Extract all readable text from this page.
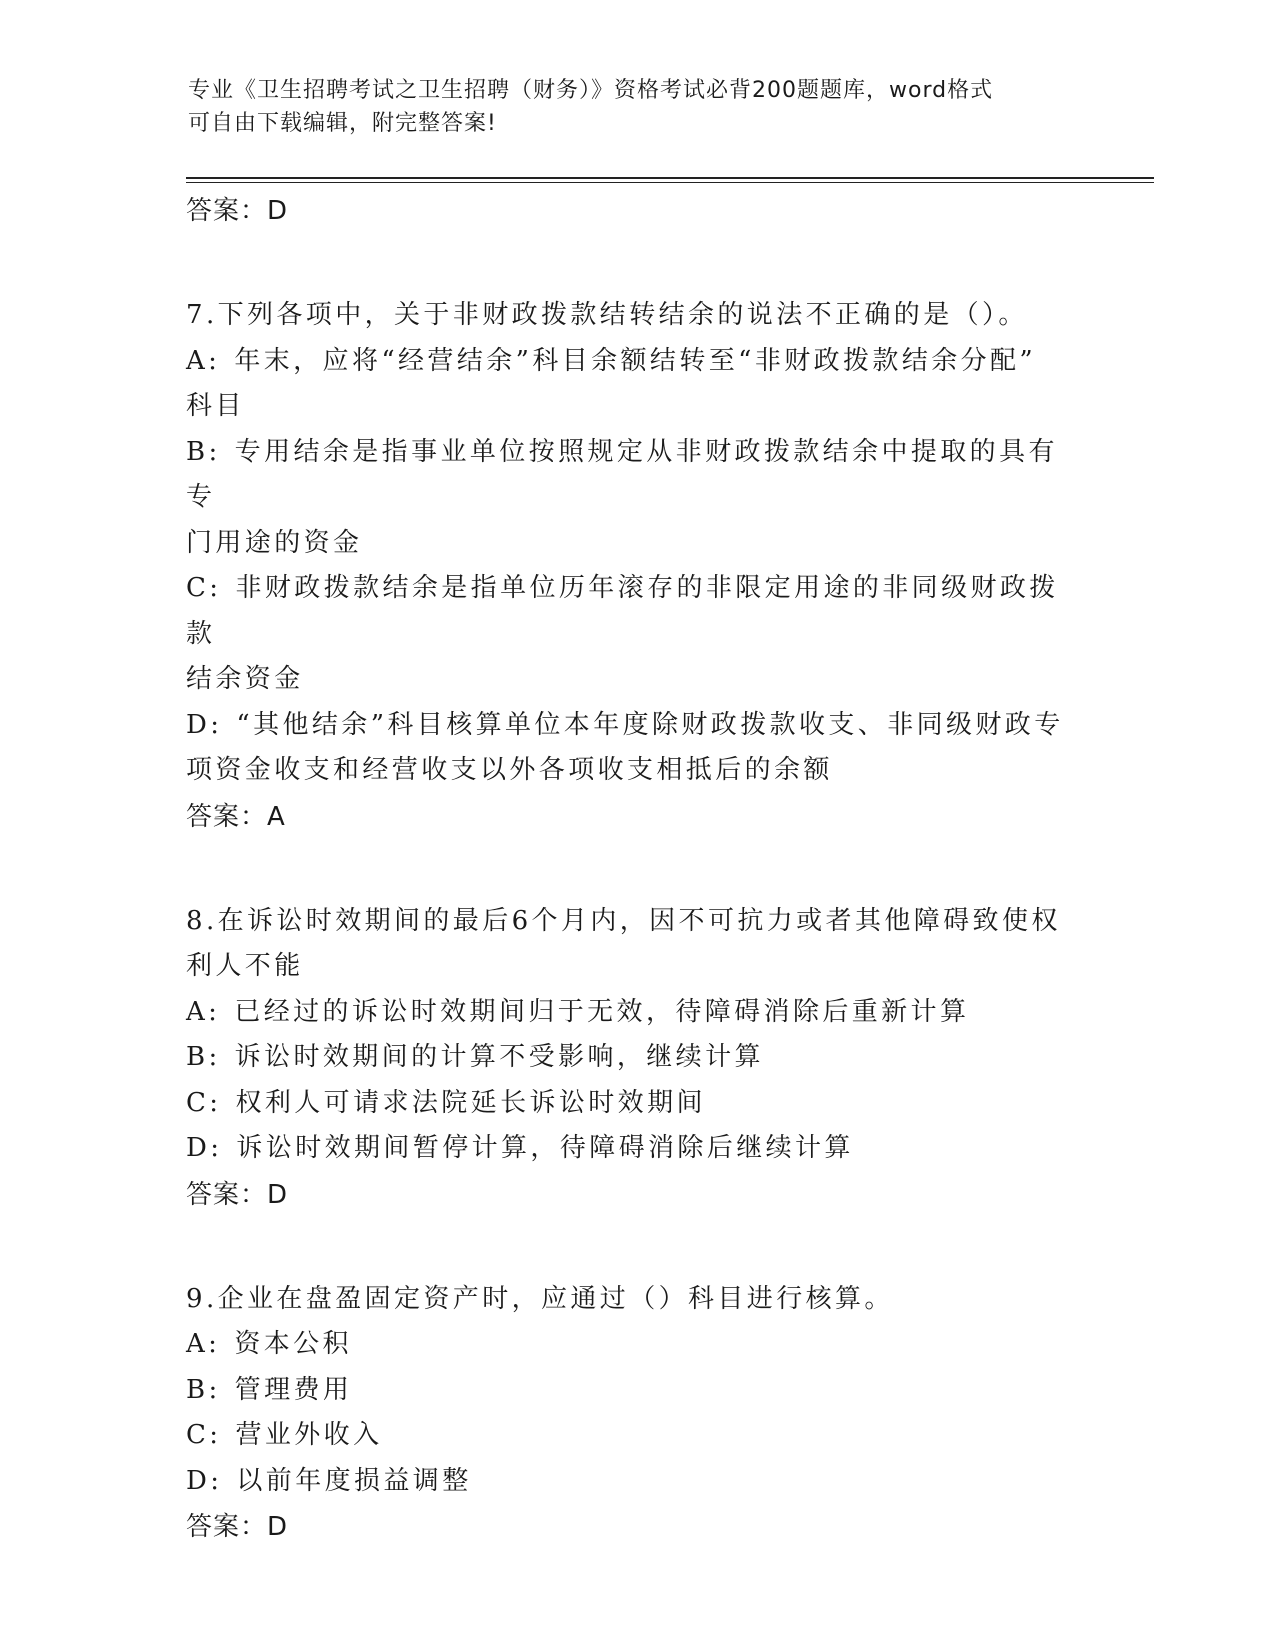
专业《卫生招聘考试之卫生招聘（财务）》资格考试必背200题题库，word格式
可自由下载编辑，附完整答案!
答案：D
7.下列各项中，关于非财政拨款结转结余的说法不正确的是（）。
A: 年末，应将“经营结余”科目余额结转至“非财政拨款结余分配”
科目
B: 专用结余是指事业单位按照规定从非财政拨款结余中提取的具有专
门用途的资金
C: 非财政拨款结余是指单位历年滚存的非限定用途的非同级财政拨款
结余资金
D: “其他结余”科目核算单位本年度除财政拨款收支、非同级财政专
项资金收支和经营收支以外各项收支相抵后的余额
答案：A
8.在诉讼时效期间的最后6个月内，因不可抗力或者其他障碍致使权
利人不能
A: 已经过的诉讼时效期间归于无效，待障碍消除后重新计算
B: 诉讼时效期间的计算不受影响，继续计算
C: 权利人可请求法院延长诉讼时效期间
D: 诉讼时效期间暂停计算，待障碍消除后继续计算
答案：D
9.企业在盘盈固定资产时，应通过（）科目进行核算。
A: 资本公积
B: 管理费用
C: 营业外收入
D: 以前年度损益调整
答案：D
